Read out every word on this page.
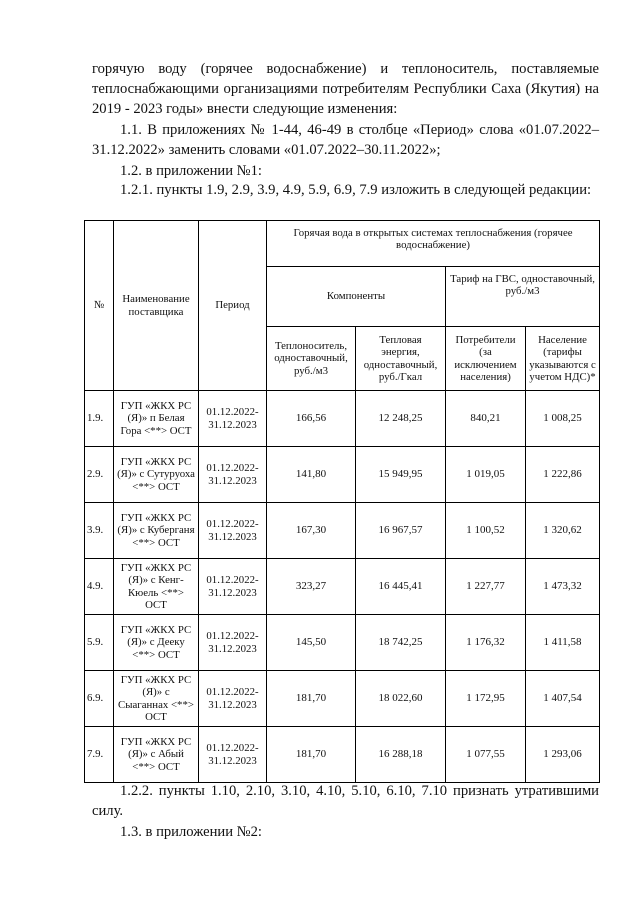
горячую воду (горячее водоснабжение) и теплоноситель, поставляемые теплоснабжающими организациями потребителям Республики Саха (Якутия) на 2019 - 2023 годы» внести следующие изменения:

1.1. В приложениях № 1-44, 46-49 в столбце «Период» слова «01.07.2022–31.12.2022» заменить словами «01.07.2022–30.11.2022»;

1.2. в приложении №1:

1.2.1. пункты 1.9, 2.9, 3.9, 4.9, 5.9, 6.9, 7.9 изложить в следующей редакции:

№	Наименование поставщика	Период	Горячая вода в открытых системах теплоснабжения (горячее водоснабжение)			
			Компоненты		Тариф на ГВС, одноставочный, руб./м3	
			Теплоноситель, одноставочный, руб./м3	Тепловая энергия, одноставочный, руб./Гкал	Потребители (за исключением населения)	Население (тарифы указываются с учетом НДС)*
1.9.	ГУП «ЖКХ РС (Я)» п Белая Гора <**> ОСТ	01.12.2022-31.12.2023	166,56	12 248,25	840,21	1 008,25
2.9.	ГУП «ЖКХ РС (Я)» с Сутуруоха <**> ОСТ	01.12.2022-31.12.2023	141,80	15 949,95	1 019,05	1 222,86
3.9.	ГУП «ЖКХ РС (Я)» с Куберганя <**> ОСТ	01.12.2022-31.12.2023	167,30	16 967,57	1 100,52	1 320,62
4.9.	ГУП «ЖКХ РС (Я)» с Кенг-Кюель <**> ОСТ	01.12.2022-31.12.2023	323,27	16 445,41	1 227,77	1 473,32
5.9.	ГУП «ЖКХ РС (Я)» с Дееку <**> ОСТ	01.12.2022-31.12.2023	145,50	18 742,25	1 176,32	1 411,58
6.9.	ГУП «ЖКХ РС (Я)» с Сыаганнах <**> ОСТ	01.12.2022-31.12.2023	181,70	18 022,60	1 172,95	1 407,54
7.9.	ГУП «ЖКХ РС (Я)» с Абый <**> ОСТ	01.12.2022-31.12.2023	181,70	16 288,18	1 077,55	1 293,06

1.2.2. пункты 1.10, 2.10, 3.10, 4.10, 5.10, 6.10, 7.10 признать утратившими силу.

1.3. в приложении №2:
